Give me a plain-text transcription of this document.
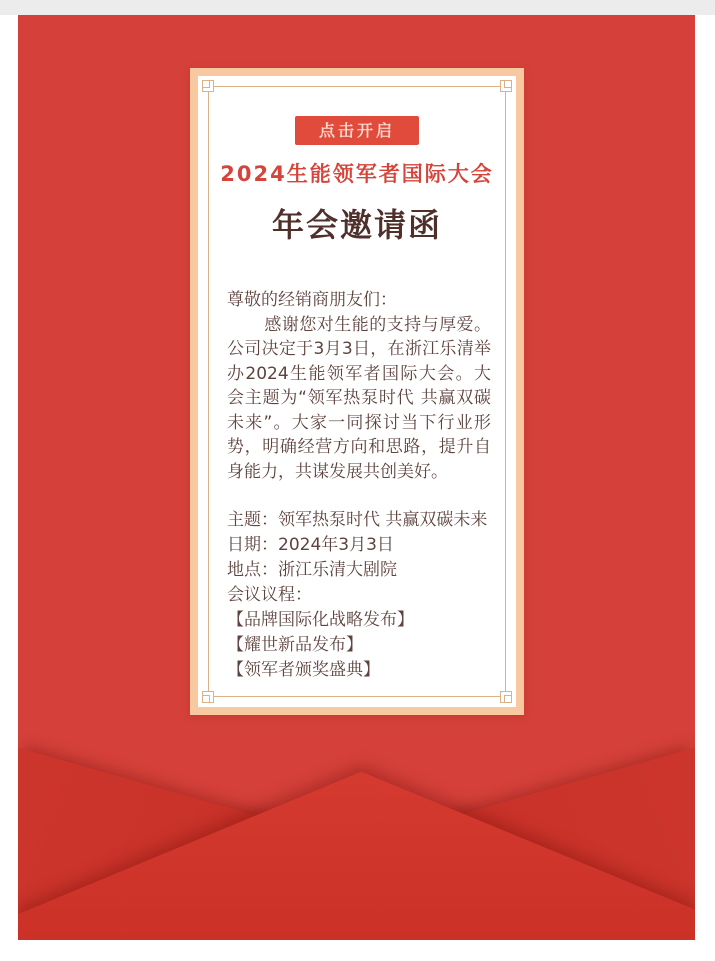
点击开启
2024生能领军者国际大会
年会邀请函

尊敬的经销商朋友们：

感谢您对生能的支持与厚爱。公司决定于3月3日，在浙江乐清举办2024生能领军者国际大会。大会主题为“领军热泵时代 共赢双碳未来”。大家一同探讨当下行业形势，明确经营方向和思路，提升自身能力，共谋发展共创美好。

主题：领军热泵时代 共赢双碳未来
日期：2024年3月3日
地点：浙江乐清大剧院
会议议程：
【品牌国际化战略发布】
【耀世新品发布】
【领军者颁奖盛典】
